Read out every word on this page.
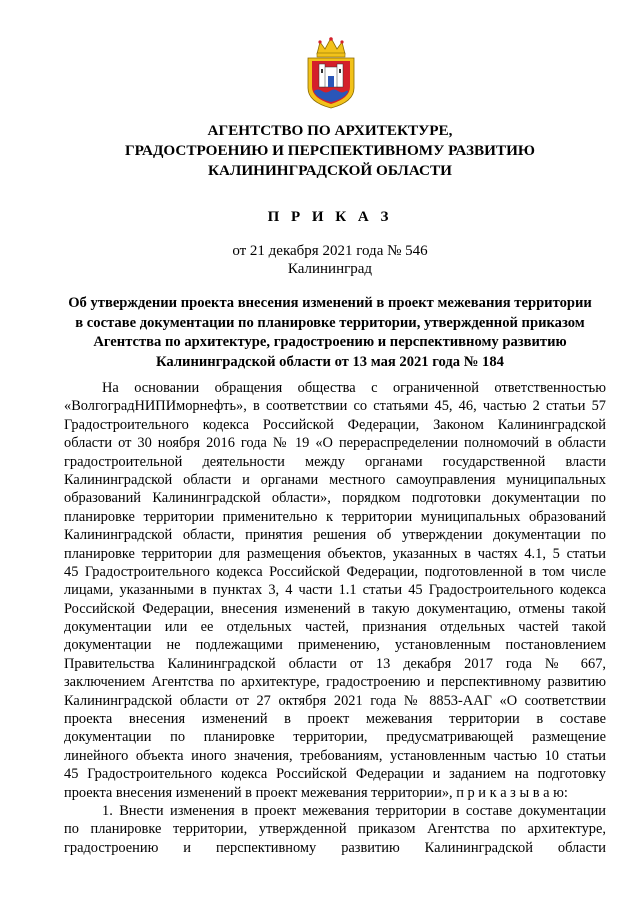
АГЕНТСТВО ПО АРХИТЕКТУРЕ,
ГРАДОСТРОЕНИЮ И ПЕРСПЕКТИВНОМУ РАЗВИТИЮ
КАЛИНИНГРАДСКОЙ ОБЛАСТИ
П Р И К А З
от 21 декабря 2021 года № 546
Калининград
Об утверждении проекта внесения изменений в проект межевания территории
в составе документации по планировке территории, утвержденной приказом
Агентства по архитектуре, градостроению и перспективному развитию
Калининградской области от 13 мая 2021 года № 184
На основании обращения общества с ограниченной ответственностью
«ВолгоградНИПИморнефть», в соответствии со статьями 45, 46, частью 2 статьи 57
Градостроительного кодекса Российской Федерации, Законом Калининградской
области от 30 ноября 2016 года № 19 «О перераспределении полномочий в области
градостроительной деятельности между органами государственной власти
Калининградской области и органами местного самоуправления муниципальных
образований Калининградской области», порядком подготовки документации по
планировке территории применительно к территории муниципальных образований
Калининградской области, принятия решения об утверждении документации по
планировке территории для размещения объектов, указанных в частях 4.1, 5 статьи
45 Градостроительного кодекса Российской Федерации, подготовленной в том числе
лицами, указанными в пунктах 3, 4 части 1.1 статьи 45 Градостроительного кодекса
Российской Федерации, внесения изменений в такую документацию, отмены такой
документации или ее отдельных частей, признания отдельных частей такой
документации не подлежащими применению, установленным постановлением
Правительства Калининградской области от 13 декабря 2017 года № 667,
заключением Агентства по архитектуре, градостроению и перспективному развитию
Калининградской области от 27 октября 2021 года № 8853-ААГ «О соответствии
проекта внесения изменений в проект межевания территории в составе
документации по планировке территории, предусматривающей размещение
линейного объекта иного значения, требованиям, установленным частью 10 статьи
45 Градостроительного кодекса Российской Федерации и заданием на подготовку
проекта внесения изменений в проект межевания территории», п р и к а з ы в а ю:
1. Внести изменения в проект межевания территории в составе документации
по планировке территории, утвержденной приказом Агентства по архитектуре,
градостроению и перспективному развитию Калининградской области
